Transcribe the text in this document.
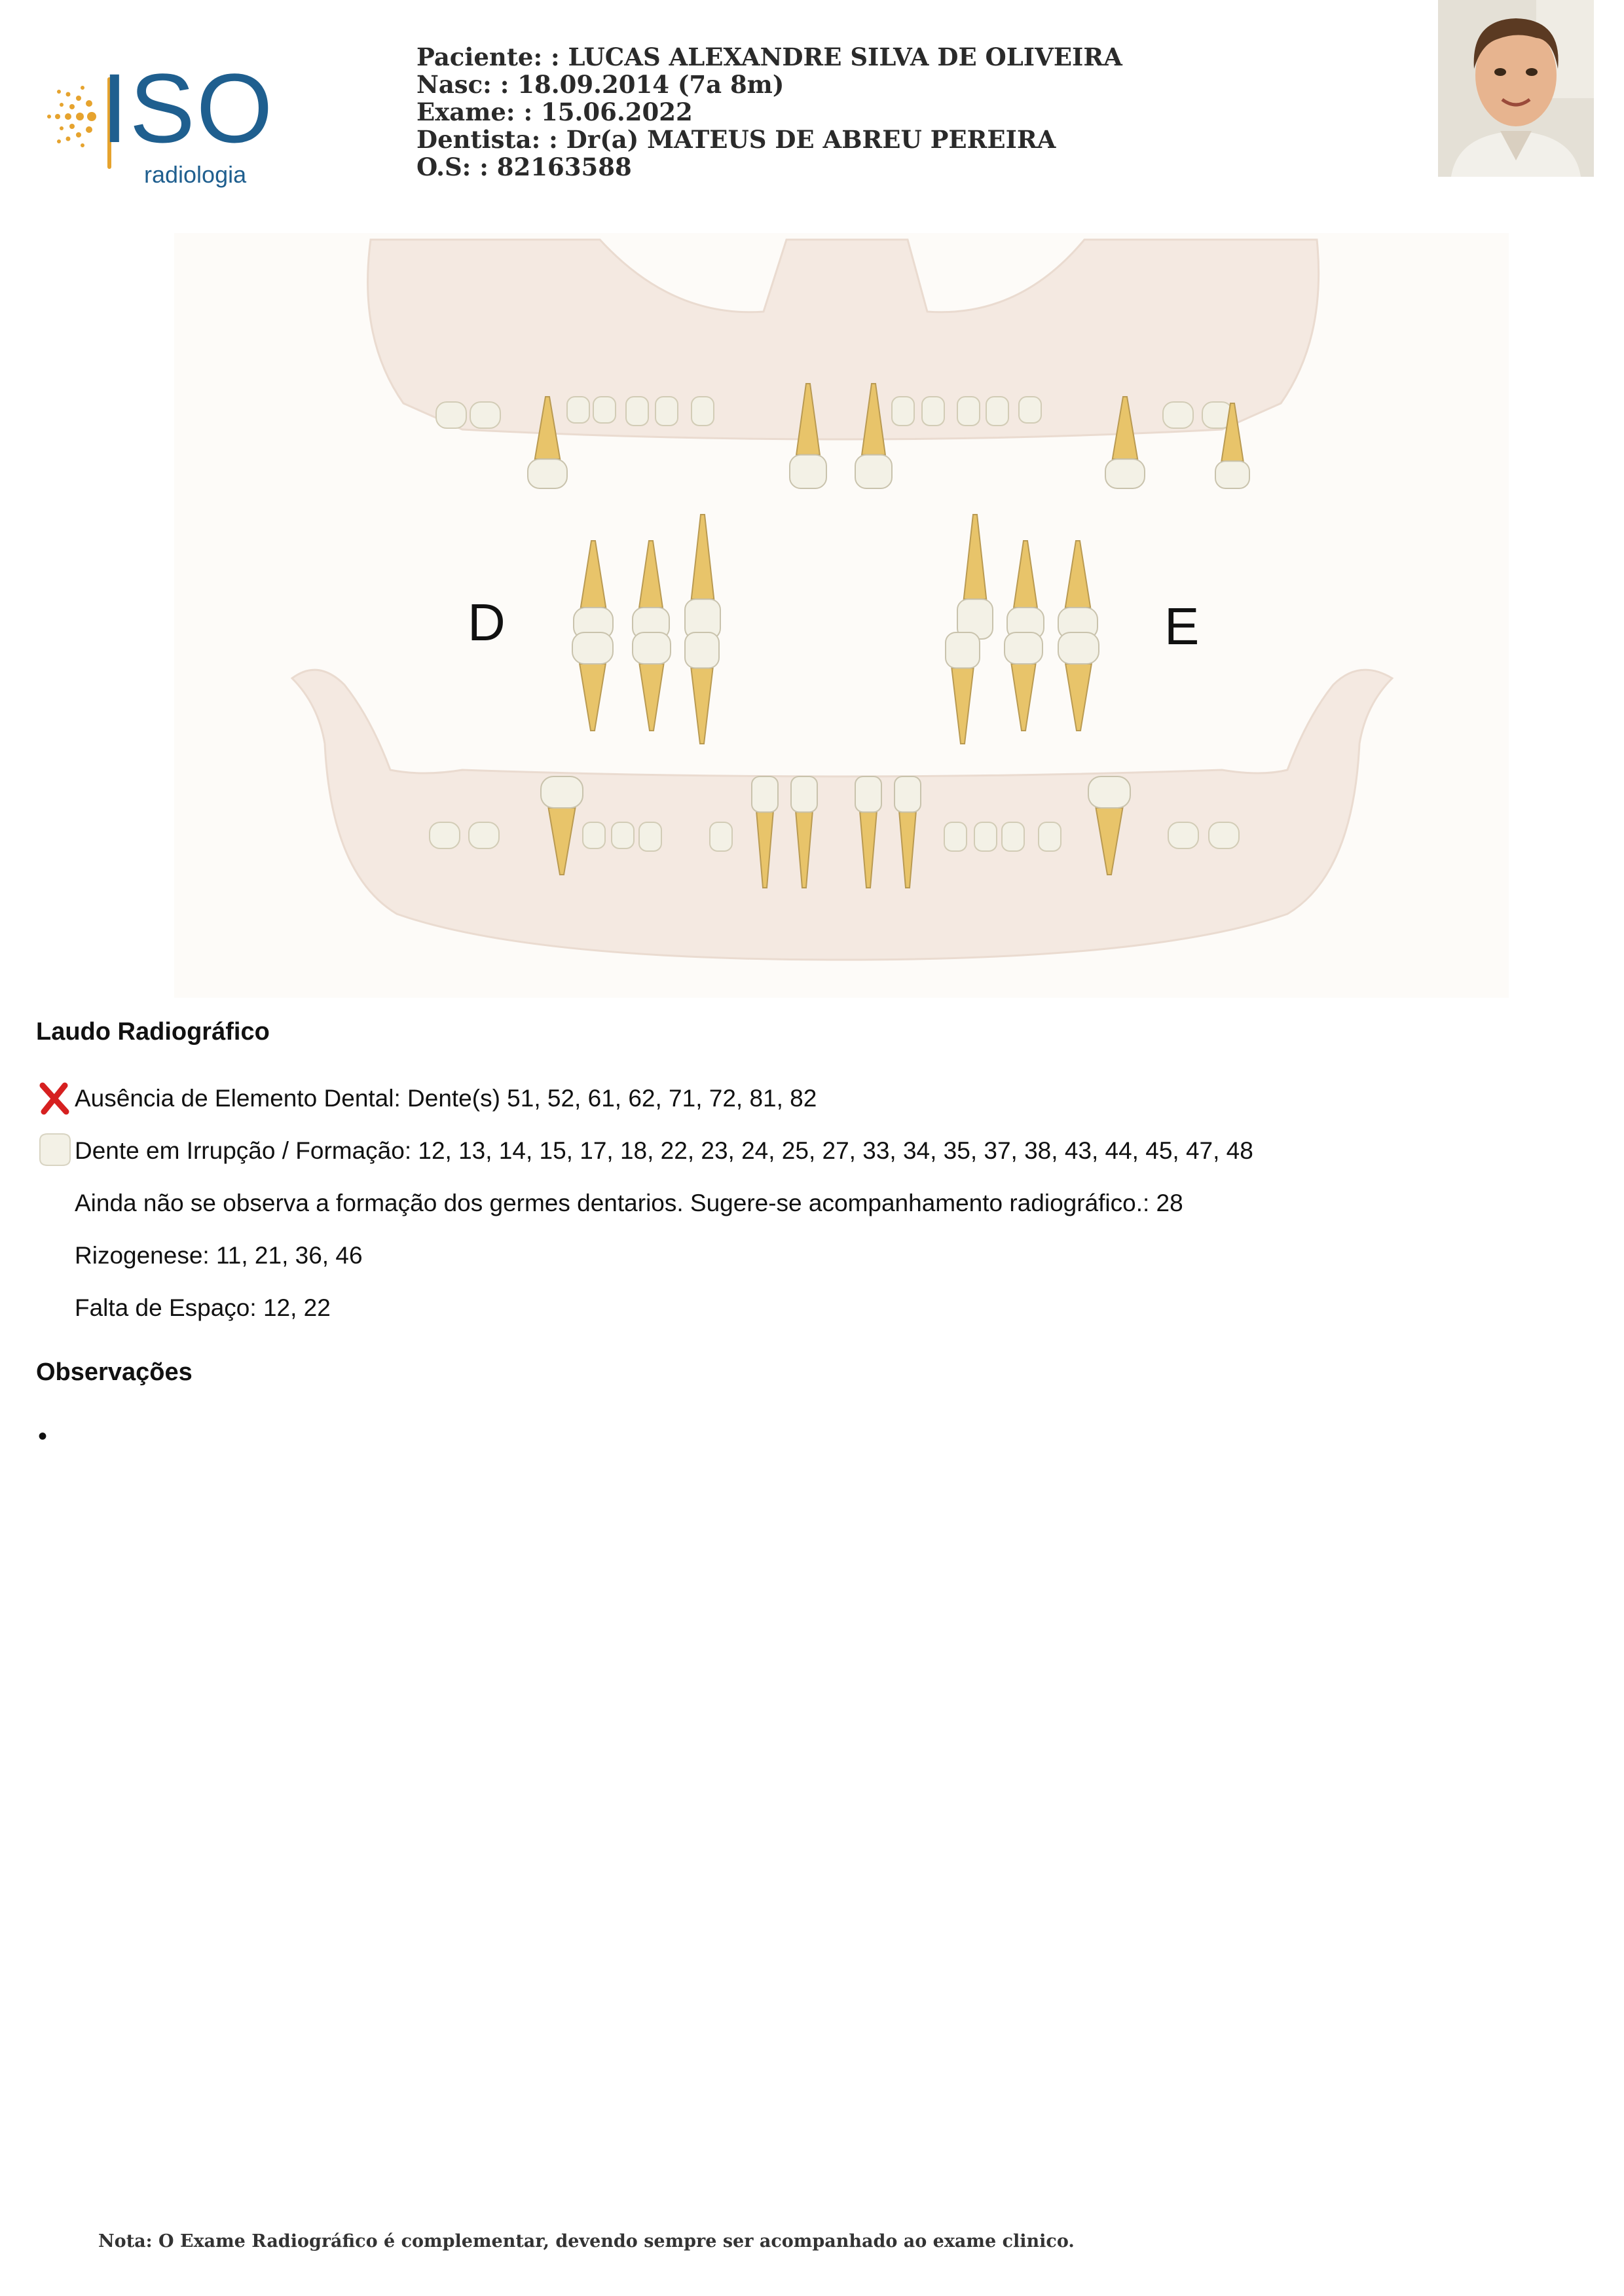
ISO
radiologia
Paciente: : LUCAS ALEXANDRE SILVA DE OLIVEIRA
Nasc: : 18.09.2014 (7a 8m)
Exame: : 15.06.2022
Dentista: : Dr(a) MATEUS DE ABREU PEREIRA
O.S: : 82163588
D	E
Laudo Radiográfico
Ausência de Elemento Dental: Dente(s) 51, 52, 61, 62, 71, 72, 81, 82
Dente em Irrupção / Formação: 12, 13, 14, 15, 17, 18, 22, 23, 24, 25, 27, 33, 34, 35, 37, 38, 43, 44, 45, 47, 48
Ainda não se observa a formação dos germes dentarios. Sugere-se acompanhamento radiográfico.: 28
Rizogenese: 11, 21, 36, 46
Falta de Espaço: 12, 22
Observações
•
Nota: O Exame Radiográfico é complementar, devendo sempre ser acompanhado ao exame clinico.
